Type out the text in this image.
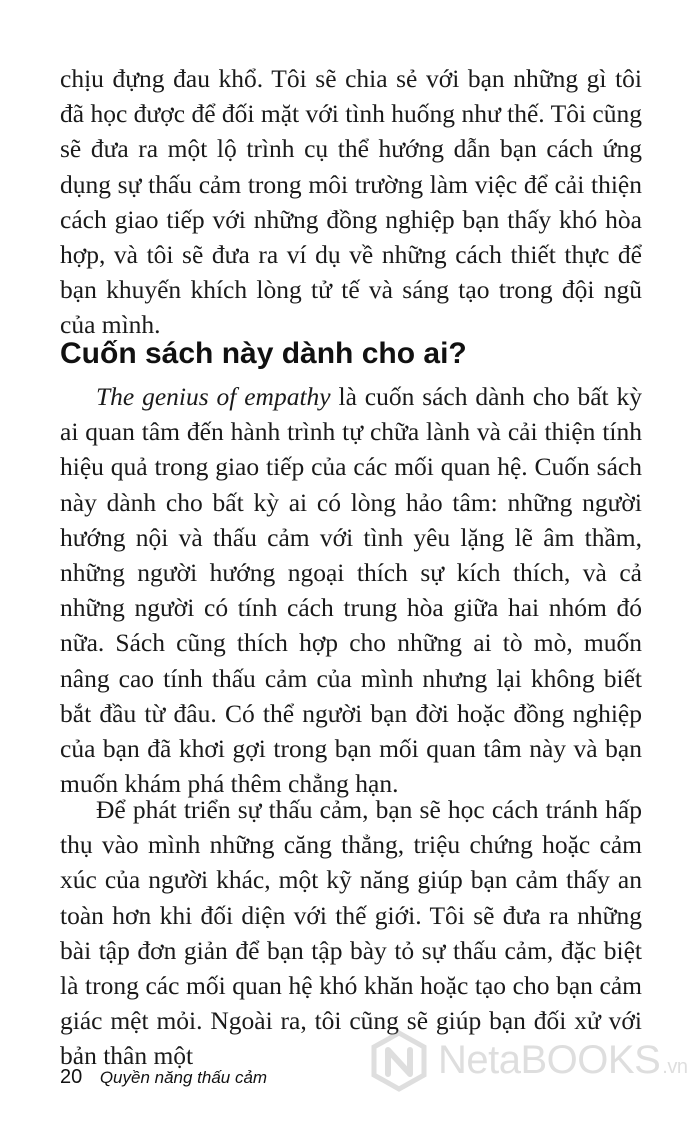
chịu đựng đau khổ. Tôi sẽ chia sẻ với bạn những gì tôi đã học được để đối mặt với tình huống như thế. Tôi cũng sẽ đưa ra một lộ trình cụ thể hướng dẫn bạn cách ứng dụng sự thấu cảm trong môi trường làm việc để cải thiện cách giao tiếp với những đồng nghiệp bạn thấy khó hòa hợp, và tôi sẽ đưa ra ví dụ về những cách thiết thực để bạn khuyến khích lòng tử tế và sáng tạo trong đội ngũ của mình.

Cuốn sách này dành cho ai?

The genius of empathy là cuốn sách dành cho bất kỳ ai quan tâm đến hành trình tự chữa lành và cải thiện tính hiệu quả trong giao tiếp của các mối quan hệ. Cuốn sách này dành cho bất kỳ ai có lòng hảo tâm: những người hướng nội và thấu cảm với tình yêu lặng lẽ âm thầm, những người hướng ngoại thích sự kích thích, và cả những người có tính cách trung hòa giữa hai nhóm đó nữa. Sách cũng thích hợp cho những ai tò mò, muốn nâng cao tính thấu cảm của mình nhưng lại không biết bắt đầu từ đâu. Có thể người bạn đời hoặc đồng nghiệp của bạn đã khơi gợi trong bạn mối quan tâm này và bạn muốn khám phá thêm chẳng hạn.

Để phát triển sự thấu cảm, bạn sẽ học cách tránh hấp thụ vào mình những căng thẳng, triệu chứng hoặc cảm xúc của người khác, một kỹ năng giúp bạn cảm thấy an toàn hơn khi đối diện với thế giới. Tôi sẽ đưa ra những bài tập đơn giản để bạn tập bày tỏ sự thấu cảm, đặc biệt là trong các mối quan hệ khó khăn hoặc tạo cho bạn cảm giác mệt mỏi. Ngoài ra, tôi cũng sẽ giúp bạn đối xử với bản thân một

20 Quyền năng thấu cảm	NetaBOOKS .vn
